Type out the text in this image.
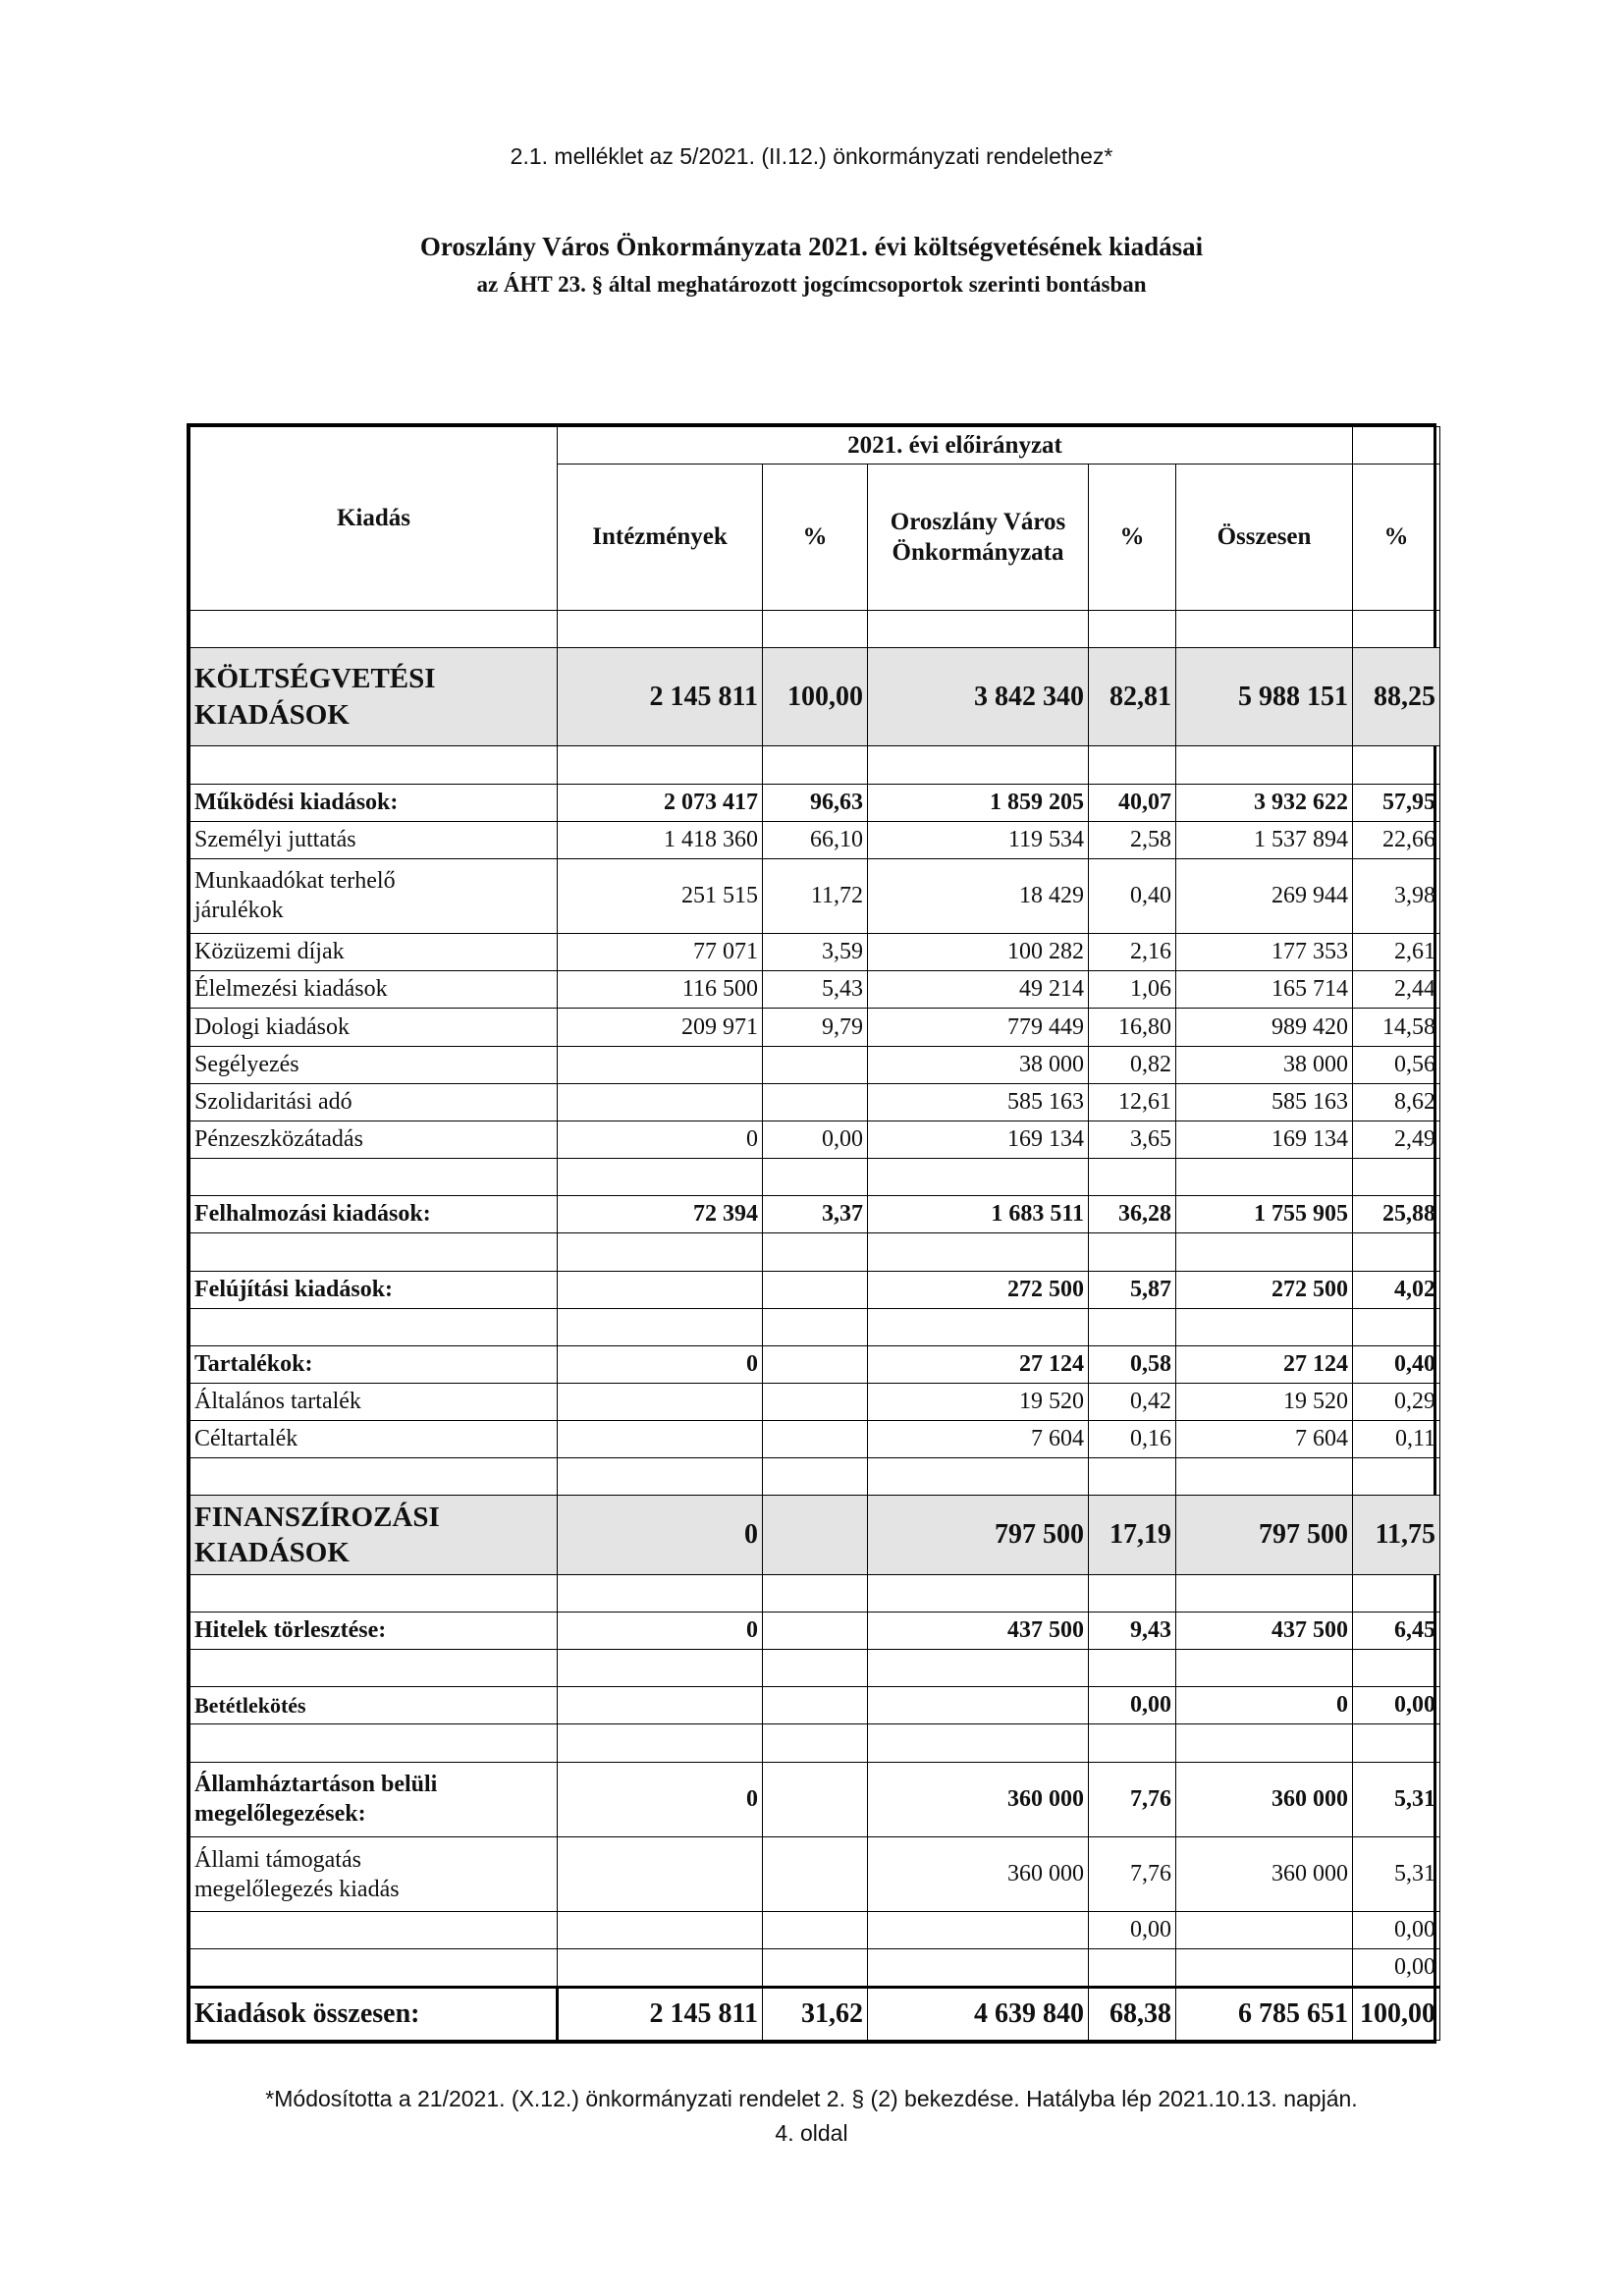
2.1. melléklet az 5/2021. (II.12.) önkormányzati rendelethez*
Oroszlány Város Önkormányzata 2021. évi költségvetésének kiadásai
az ÁHT 23. § által meghatározott jogcímcsoportok szerinti bontásban
Kiadás	2021. évi előirányzat					
	Intézmények	%	Oroszlány Város
Önkormányzata	%	Összesen	%

KÖLTSÉGVETÉSI
KIADÁSOK	2 145 811	100,00	3 842 340	82,81	5 988 151	88,25

Működési kiadások:	2 073 417	96,63	1 859 205	40,07	3 932 622	57,95
Személyi juttatás	1 418 360	66,10	119 534	2,58	1 537 894	22,66
Munkaadókat terhelő
járulékok	251 515	11,72	18 429	0,40	269 944	3,98
Közüzemi díjak	77 071	3,59	100 282	2,16	177 353	2,61
Élelmezési kiadások	116 500	5,43	49 214	1,06	165 714	2,44
Dologi kiadások	209 971	9,79	779 449	16,80	989 420	14,58
Segélyezés			38 000	0,82	38 000	0,56
Szolidaritási adó			585 163	12,61	585 163	8,62
Pénzeszközátadás	0	0,00	169 134	3,65	169 134	2,49

Felhalmozási kiadások:	72 394	3,37	1 683 511	36,28	1 755 905	25,88

Felújítási kiadások:			272 500	5,87	272 500	4,02

Tartalékok:	0		27 124	0,58	27 124	0,40
Általános tartalék			19 520	0,42	19 520	0,29
Céltartalék			7 604	0,16	7 604	0,11

FINANSZÍROZÁSI
KIADÁSOK	0		797 500	17,19	797 500	11,75

Hitelek törlesztése:	0		437 500	9,43	437 500	6,45

Betétlekötés				0,00	0	0,00

Államháztartáson belüli
megelőlegezések:	0		360 000	7,76	360 000	5,31
Állami támogatás
megelőlegezés kiadás			360 000	7,76	360 000	5,31
				0,00		0,00
						0,00
Kiadások összesen:	2 145 811	31,62	4 639 840	68,38	6 785 651	100,00
*Módosította a 21/2021. (X.12.) önkormányzati rendelet 2. § (2) bekezdése. Hatályba lép 2021.10.13. napján.
4. oldal
